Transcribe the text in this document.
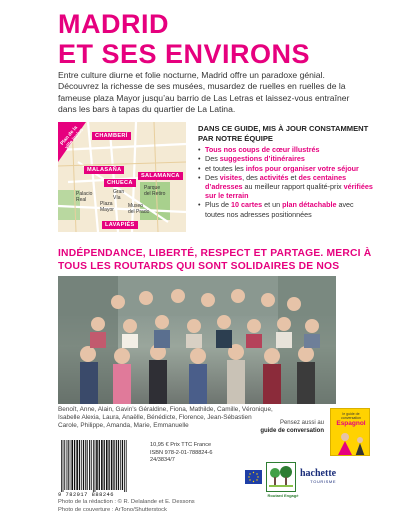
MADRID
ET SES ENVIRONS

Entre culture diurne et folie nocturne, Madrid offre un paradoxe génial. Découvrez la richesse de ses musées, musardez de ruelles en ruelles de la fameuse plaza Mayor jusqu’au barrio de Las Letras et laissez-vous entraîner dans les bars à tapas du quartier de La Latina.

Plan de la ville inclus	CHAMBERÍ
MALASAÑA
SALAMANCA
CHUECA
LAVAPIÉS
Palacio
Real
Plaza
Mayor
Gran
Vía
Parque
del Retiro
Museo
del Prado
DANS CE GUIDE, MIS À JOUR CONSTAMMENT PAR NOTRE ÉQUIPE
• Tous nos coups de cœur illustrés
• Des suggestions d’itinéraires
• et toutes les infos pour organiser votre séjour
• Des visites, des activités et des centaines d’adresses au meilleur rapport qualité-prix vérifiées sur le terrain
• Plus de 10 cartes et un plan détachable avec toutes nos adresses positionnées
INDÉPENDANCE, LIBERTÉ, RESPECT ET PARTAGE. MERCI À TOUS LES ROUTARDS QUI SONT SOLIDAIRES DE NOS
Benoît, Anne, Alain, Gavin’s Géraldine, Fiona, Mathilde, Camille, Véronique, Isabelle Alexia, Laura, Anaëlle, Bénédicte, Florence, Jean-Sébastien Carole, Philippe, Amanda, Marie, Emmanuelle	Pensez aussi au
guide de conversation
le guide de conversation
Espagnol
9 782017 888246
10,95 € Prix TTC France
ISBN 978-2-01-788824-6
24/3834/7
Routard Engagé
hachette
TOURISME
Photo de la rédaction : © R. Delalande et E. Dessons
Photo de couverture : ArTono/Shutterstock
